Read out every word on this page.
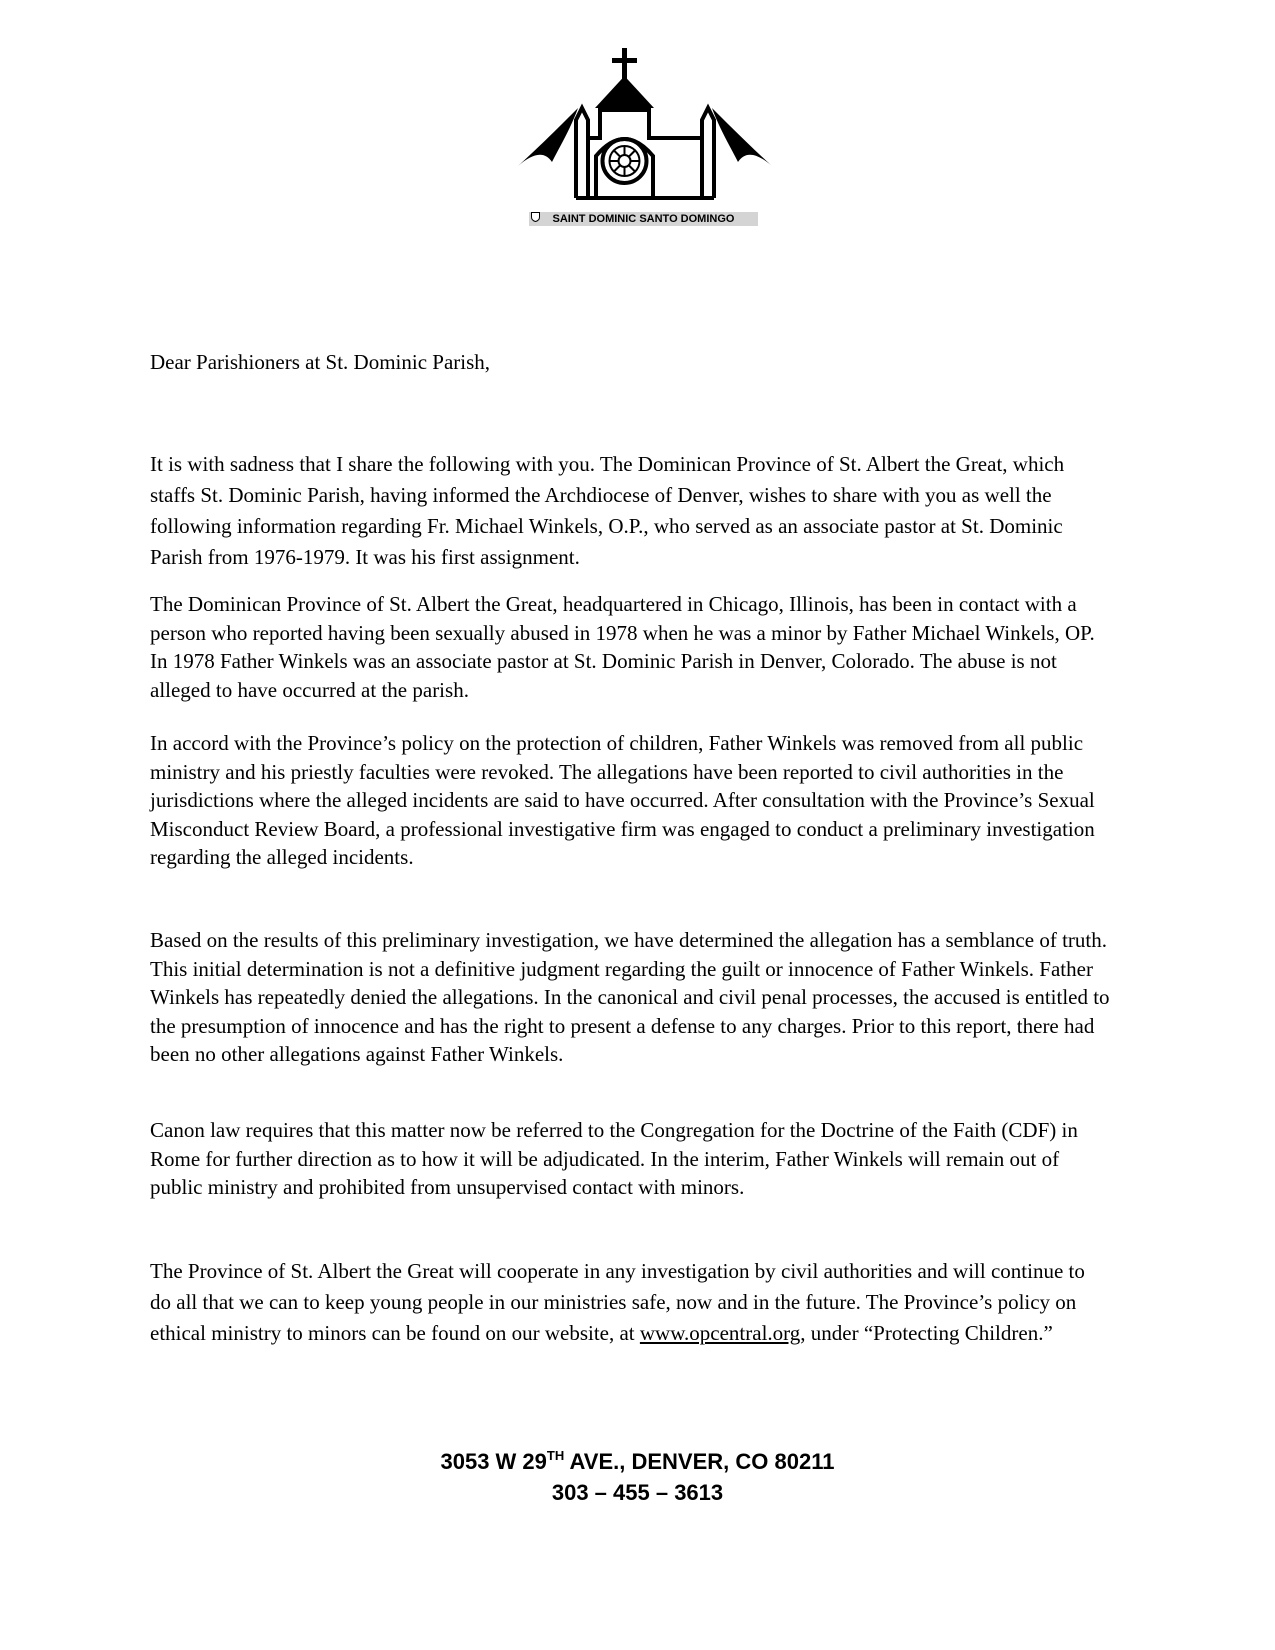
SAINT DOMINIC SANTO DOMINGO
Dear Parishioners at St. Dominic Parish,

It is with sadness that I share the following with you. The Dominican Province of St. Albert the Great, which staffs St. Dominic Parish, having informed the Archdiocese of Denver, wishes to share with you as well the following information regarding Fr. Michael Winkels, O.P., who served as an associate pastor at St. Dominic Parish from 1976-1979. It was his first assignment.

The Dominican Province of St. Albert the Great, headquartered in Chicago, Illinois, has been in contact with a person who reported having been sexually abused in 1978 when he was a minor by Father Michael Winkels, OP. In 1978 Father Winkels was an associate pastor at St. Dominic Parish in Denver, Colorado. The abuse is not alleged to have occurred at the parish.

In accord with the Province’s policy on the protection of children, Father Winkels was removed from all public ministry and his priestly faculties were revoked. The allegations have been reported to civil authorities in the jurisdictions where the alleged incidents are said to have occurred. After consultation with the Province’s Sexual Misconduct Review Board, a professional investigative firm was engaged to conduct a preliminary investigation regarding the alleged incidents.

Based on the results of this preliminary investigation, we have determined the allegation has a semblance of truth. This initial determination is not a definitive judgment regarding the guilt or innocence of Father Winkels. Father Winkels has repeatedly denied the allegations. In the canonical and civil penal processes, the accused is entitled to the presumption of innocence and has the right to present a defense to any charges. Prior to this report, there had been no other allegations against Father Winkels.

Canon law requires that this matter now be referred to the Congregation for the Doctrine of the Faith (CDF) in Rome for further direction as to how it will be adjudicated. In the interim, Father Winkels will remain out of public ministry and prohibited from unsupervised contact with minors.

The Province of St. Albert the Great will cooperate in any investigation by civil authorities and will continue to do all that we can to keep young people in our ministries safe, now and in the future. The Province’s policy on ethical ministry to minors can be found on our website, at www.opcentral.org, under “Protecting Children.”

3053 W 29TH AVE., DENVER, CO 80211
303 – 455 – 3613
